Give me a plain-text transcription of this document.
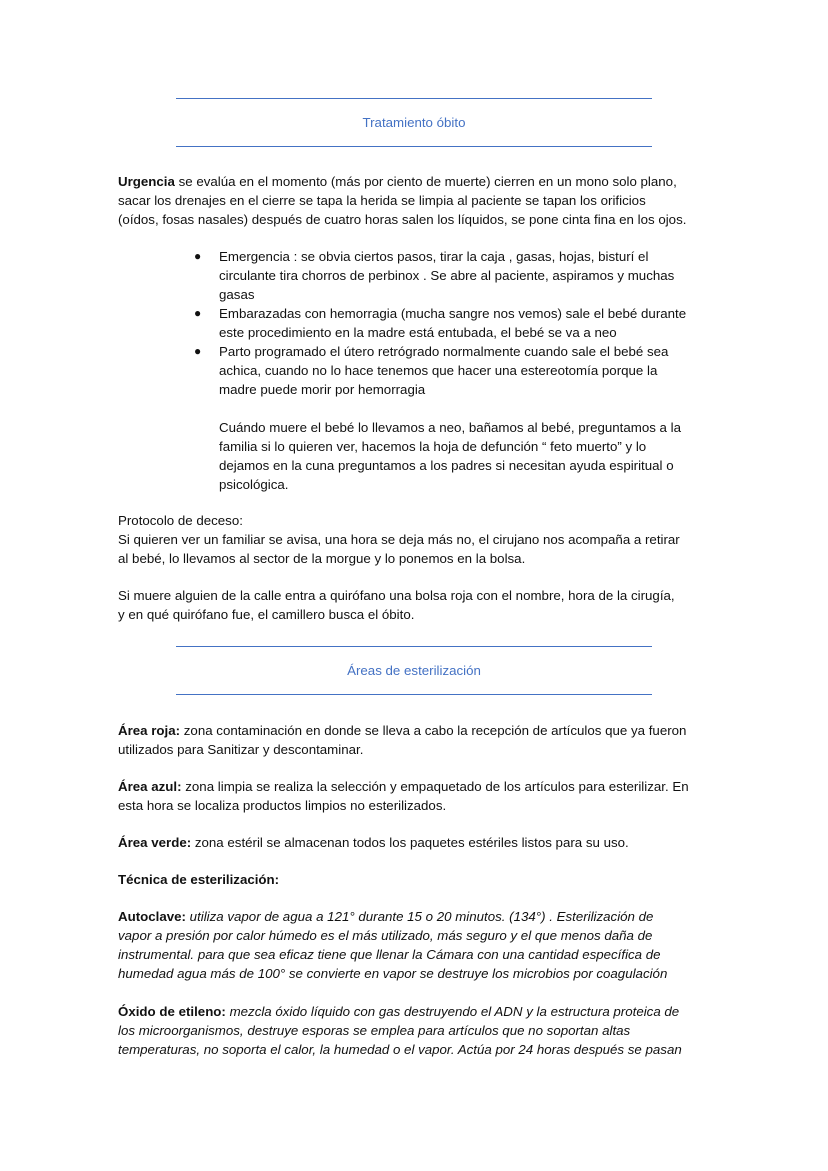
Tratamiento óbito
Urgencia se evalúa en el momento (más por ciento de muerte) cierren en un mono solo plano,
sacar los drenajes en el cierre se tapa la herida se limpia al paciente se tapan los orificios
(oídos, fosas nasales) después de cuatro horas salen los líquidos, se pone cinta fina en los ojos.
● Emergencia : se obvia ciertos pasos, tirar la caja , gasas, hojas, bisturí el
circulante tira chorros de perbinox . Se abre al paciente, aspiramos y muchas
gasas
● Embarazadas con hemorragia (mucha sangre nos vemos) sale el bebé durante
este procedimiento en la madre está entubada, el bebé se va a neo
● Parto programado el útero retrógrado normalmente cuando sale el bebé sea
achica, cuando no lo hace tenemos que hacer una estereotomía porque la
madre puede morir por hemorragia
Cuándo muere el bebé lo llevamos a neo, bañamos al bebé, preguntamos a la
familia si lo quieren ver, hacemos la hoja de defunción “ feto muerto” y lo
dejamos en la cuna preguntamos a los padres si necesitan ayuda espiritual o
psicológica.
Protocolo de deceso:
Si quieren ver un familiar se avisa, una hora se deja más no, el cirujano nos acompaña a retirar
al bebé, lo llevamos al sector de la morgue y lo ponemos en la bolsa.
Si muere alguien de la calle entra a quirófano una bolsa roja con el nombre, hora de la cirugía,
y en qué quirófano fue, el camillero busca el óbito.
Áreas de esterilización
Área roja: zona contaminación en donde se lleva a cabo la recepción de artículos que ya fueron
utilizados para Sanitizar y descontaminar.
Área azul: zona limpia se realiza la selección y empaquetado de los artículos para esterilizar. En
esta hora se localiza productos limpios no esterilizados.
Área verde: zona estéril se almacenan todos los paquetes estériles listos para su uso.
Técnica de esterilización:
Autoclave: utiliza vapor de agua a 121° durante 15 o 20 minutos. (134°) . Esterilización de
vapor a presión por calor húmedo es el más utilizado, más seguro y el que menos daña de
instrumental. para que sea eficaz tiene que llenar la Cámara con una cantidad específica de
humedad agua más de 100° se convierte en vapor se destruye los microbios por coagulación
Óxido de etileno: mezcla óxido líquido con gas destruyendo el ADN y la estructura proteica de
los microorganismos, destruye esporas se emplea para artículos que no soportan altas
temperaturas, no soporta el calor, la humedad o el vapor. Actúa por 24 horas después se pasan
